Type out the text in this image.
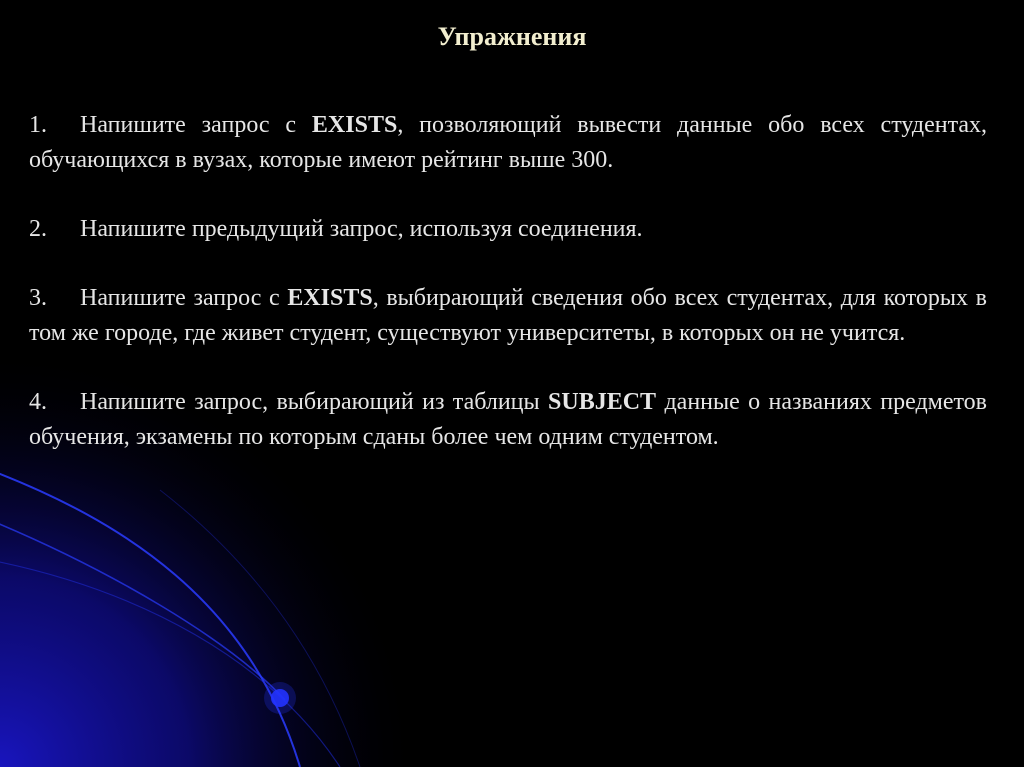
Упражнения
1. Напишите запрос с EXISTS, позволяющий вывести данные обо всех студентах, обучающихся в вузах, которые имеют рейтинг выше 300.
2. Напишите предыдущий запрос, используя соединения.
3. Напишите запрос с EXISTS, выбирающий сведения обо всех студентах, для которых в том же городе, где живет студент, существуют университеты, в которых он не учится.
4. Напишите запрос, выбирающий из таблицы SUBJECT данные о названиях предметов обучения, экзамены по которым сданы более чем одним студентом.
